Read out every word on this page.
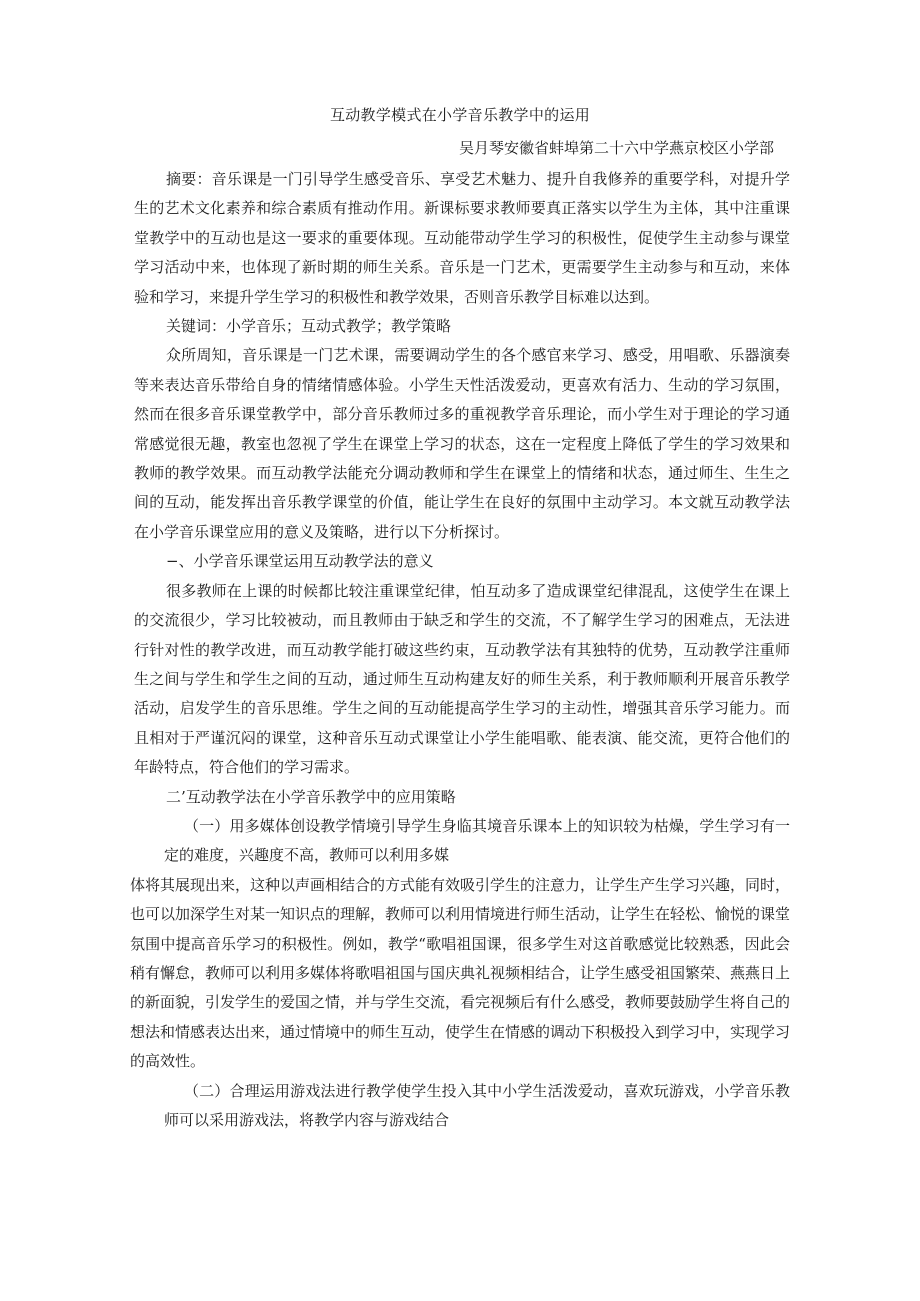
互动教学模式在小学音乐教学中的运用
吴月琴安徽省蚌埠第二十六中学燕京校区小学部

摘要：音乐课是一门引导学生感受音乐、享受艺术魅力、提升自我修养的重要学科，对提升学生的艺术文化素养和综合素质有推动作用。新课标要求教师要真正落实以学生为主体，其中注重课堂教学中的互动也是这一要求的重要体现。互动能带动学生学习的积极性，促使学生主动参与课堂学习活动中来，也体现了新时期的师生关系。音乐是一门艺术，更需要学生主动参与和互动，来体验和学习，来提升学生学习的积极性和教学效果，否则音乐教学目标难以达到。

关键词：小学音乐；互动式教学；教学策略

众所周知，音乐课是一门艺术课，需要调动学生的各个感官来学习、感受，用唱歌、乐器演奏等来表达音乐带给自身的情绪情感体验。小学生天性活泼爱动，更喜欢有活力、生动的学习氛围，然而在很多音乐课堂教学中，部分音乐教师过多的重视教学音乐理论，而小学生对于理论的学习通常感觉很无趣，教室也忽视了学生在课堂上学习的状态，这在一定程度上降低了学生的学习效果和教师的教学效果。而互动教学法能充分调动教师和学生在课堂上的情绪和状态，通过师生、生生之间的互动，能发挥出音乐教学课堂的价值，能让学生在良好的氛围中主动学习。本文就互动教学法在小学音乐课堂应用的意义及策略，进行以下分析探讨。

−、小学音乐课堂运用互动教学法的意义

很多教师在上课的时候都比较注重课堂纪律，怕互动多了造成课堂纪律混乱，这使学生在课上的交流很少，学习比较被动，而且教师由于缺乏和学生的交流，不了解学生学习的困难点，无法进行针对性的教学改进，而互动教学能打破这些约束，互动教学法有其独特的优势，互动教学注重师生之间与学生和学生之间的互动，通过师生互动构建友好的师生关系，利于教师顺利开展音乐教学活动，启发学生的音乐思维。学生之间的互动能提高学生学习的主动性，增强其音乐学习能力。而且相对于严谨沉闷的课堂，这种音乐互动式课堂让小学生能唱歌、能表演、能交流，更符合他们的年龄特点，符合他们的学习需求。

二’互动教学法在小学音乐教学中的应用策略

（一）用多媒体创设教学情境引导学生身临其境音乐课本上的知识较为枯燥，学生学习有一定的难度，兴趣度不高，教师可以利用多媒

体将其展现出来，这种以声画相结合的方式能有效吸引学生的注意力，让学生产生学习兴趣，同时，也可以加深学生对某一知识点的理解，教师可以利用情境进行师生活动，让学生在轻松、愉悦的课堂氛围中提高音乐学习的积极性。例如，教学“歌唱祖国课，很多学生对这首歌感觉比较熟悉，因此会稍有懈怠，教师可以利用多媒体将歌唱祖国与国庆典礼视频相结合，让学生感受祖国繁荣、燕燕日上的新面貌，引发学生的爱国之情，并与学生交流，看完视频后有什么感受，教师要鼓励学生将自己的想法和情感表达出来，通过情境中的师生互动，使学生在情感的调动下积极投入到学习中，实现学习的高效性。

（二）合理运用游戏法进行教学使学生投入其中小学生活泼爱动，喜欢玩游戏，小学音乐教师可以采用游戏法，将教学内容与游戏结合
